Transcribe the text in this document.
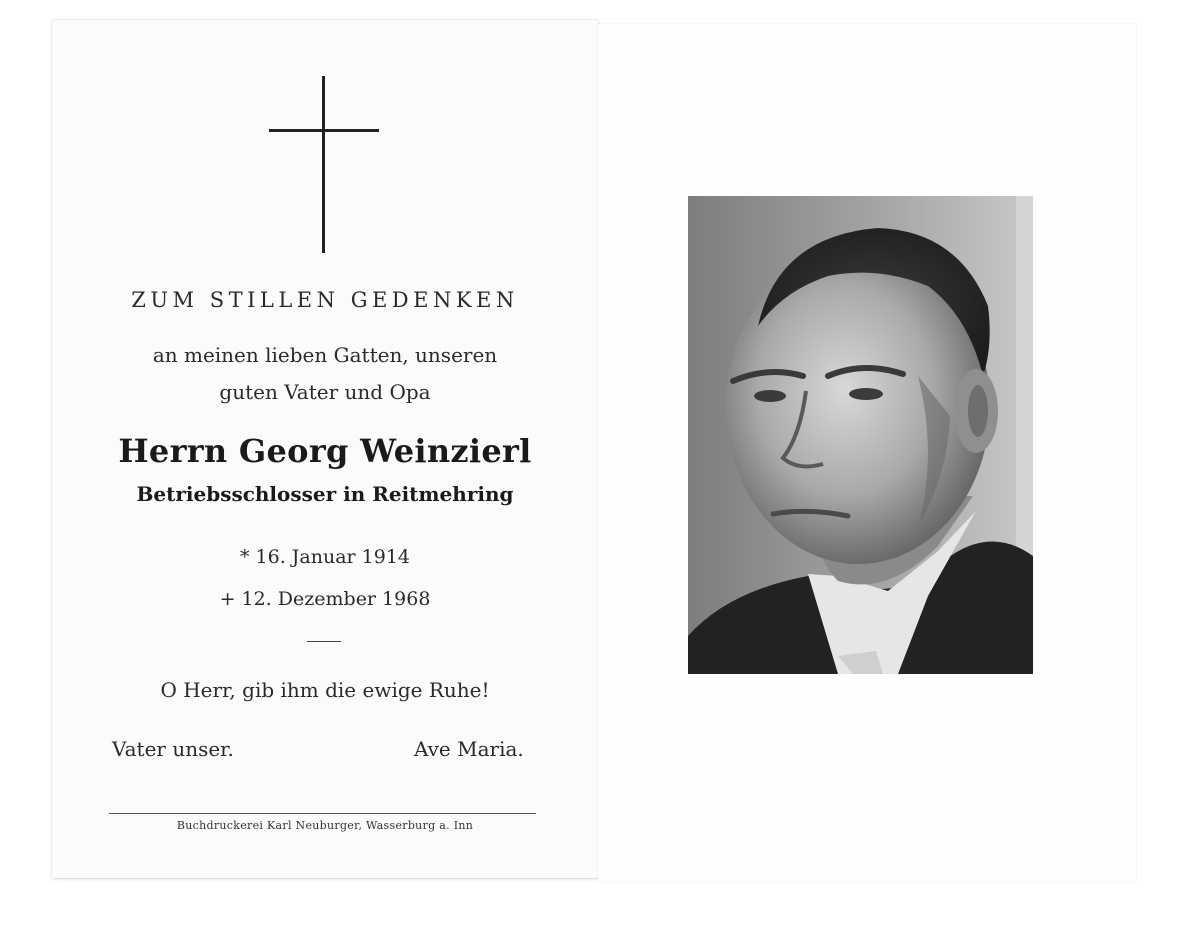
ZUM STILLEN GEDENKEN
an meinen lieben Gatten, unseren
guten Vater und Opa
Herrn Georg Weinzierl
Betriebsschlosser in Reitmehring
* 16. Januar 1914
+ 12. Dezember 1968
O Herr, gib ihm die ewige Ruhe!
Vater unser.	Ave Maria.
Buchdruckerei Karl Neuburger, Wasserburg a. Inn
